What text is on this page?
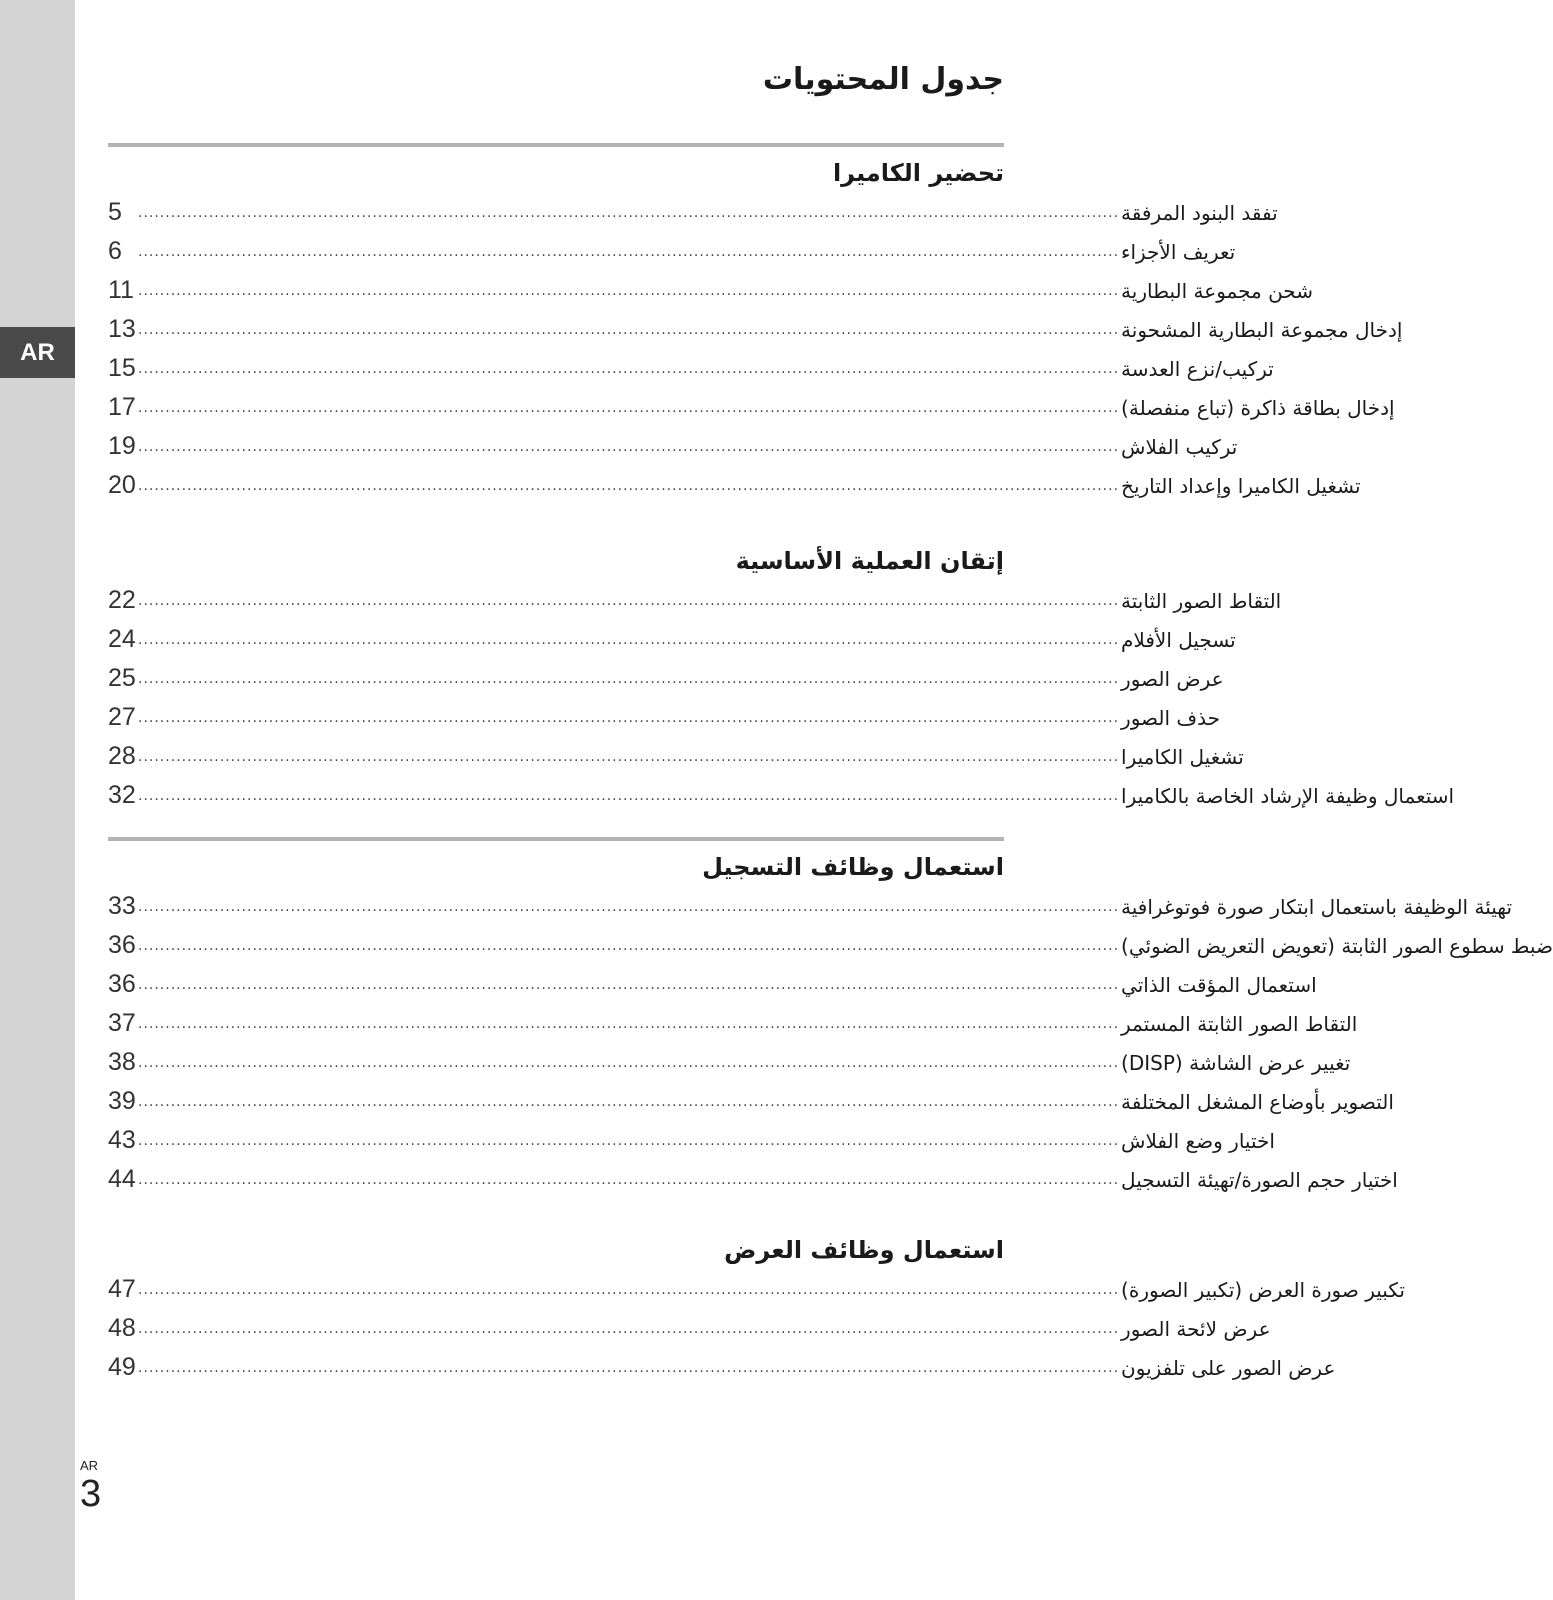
AR
AR
3
جدول المحتويات
تحضير الكاميرا
5	.................................................................................................................................................................................... تفقد البنود المرفقة
6	.................................................................................................................................................................................... تعريف الأجزاء
11 .................................................................................................................................................................................... شحن مجموعة البطارية
13 .................................................................................................................................................................................... إدخال مجموعة البطارية المشحونة
15 .................................................................................................................................................................................... تركيب/نزع العدسة
17 .................................................................................................................................................................................... إدخال بطاقة ذاكرة (تباع منفصلة)
19 .................................................................................................................................................................................... تركيب الفلاش
20 .................................................................................................................................................................................... تشغيل الكاميرا وإعداد التاريخ
إتقان العملية الأساسية
22 .................................................................................................................................................................................... التقاط الصور الثابتة
24 .................................................................................................................................................................................... تسجيل الأفلام
25 .................................................................................................................................................................................... عرض الصور
27 .................................................................................................................................................................................... حذف الصور
28 .................................................................................................................................................................................... تشغيل الكاميرا
32 .................................................................................................................................................................................... استعمال وظيفة الإرشاد الخاصة بالكاميرا
استعمال وظائف التسجيل
33 .................................................................................................................................................................................... تهيئة الوظيفة باستعمال ابتكار صورة فوتوغرافية
36 .................................................................................................................................................................................... ضبط سطوع الصور الثابتة (تعويض التعريض الضوئي)
36 .................................................................................................................................................................................... استعمال المؤقت الذاتي
37 .................................................................................................................................................................................... التقاط الصور الثابتة المستمر
38 .................................................................................................................................................................................... تغيير عرض الشاشة (DISP)
39 .................................................................................................................................................................................... التصوير بأوضاع المشغل المختلفة
43 .................................................................................................................................................................................... اختيار وضع الفلاش
44 .................................................................................................................................................................................... اختيار حجم الصورة/تهيئة التسجيل
استعمال وظائف العرض
47 .................................................................................................................................................................................... تكبير صورة العرض (تكبير الصورة)
48 .................................................................................................................................................................................... عرض لائحة الصور
49 .................................................................................................................................................................................... عرض الصور على تلفزيون
